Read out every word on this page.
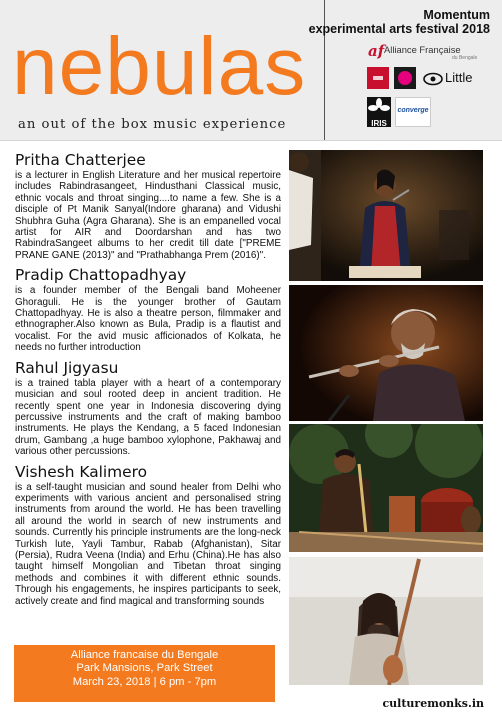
nebulas
an out of the box music experience
Momentum
experimental arts festival 2018
af Alliance Française
du Bengale
Little
IRIS
converge
Pritha Chatterjee

is a lecturer in English Literature and her musical repertoire includes Rabindrasangeet, Hindusthani Classical music, ethnic vocals and throat singing....to name a few. She is a disciple of Pt Manik Sanyal(Indore gharana) and Vidushi Shubhra Guha (Agra Gharana). She is an empanelled vocal artist for AIR and Doordarshan and has two RabindraSangeet albums to her credit till date ["PREME PRANE GANE (2013)" and "Prathabhanga Prem (2016)".

Pradip Chattopadhyay

is a founder member of the Bengali band Moheener Ghoraguli. He is the younger brother of Gautam Chattopadhyay. He is also a theatre person, filmmaker and ethnographer.Also known as Bula, Pradip is a flautist and vocalist. For the avid music afficionados of Kolkata, he needs no further introduction

Rahul Jigyasu

is a trained tabla player with a heart of a contemporary musician and soul rooted deep in ancient tradition. He recently spent one year in Indonesia discovering dying percussive instruments and the craft of making bamboo instruments. He plays the Kendang, a 5 faced Indonesian drum, Gambang ,a huge bamboo xylophone, Pakhawaj and various other percussions.

Vishesh Kalimero

is a self-taught musician and sound healer from Delhi who experiments with various ancient and personalised string instruments from around the world. He has been travelling all around the world in search of new instruments and sounds. Currently his principle instruments are the long-neck Turkish lute, Yayli Tambur, Rabab (Afghanistan), Sitar (Persia), Rudra Veena (India) and Erhu (China).He has also taught himself Mongolian and Tibetan throat singing methods and combines it with different ethnic sounds. Through his engagements, he inspires participants to seek, actively create and find magical and transforming sounds

Alliance francaise du Bengale
Park Mansions, Park Street
March 23, 2018 | 6 pm - 7pm
culturemonks.in
